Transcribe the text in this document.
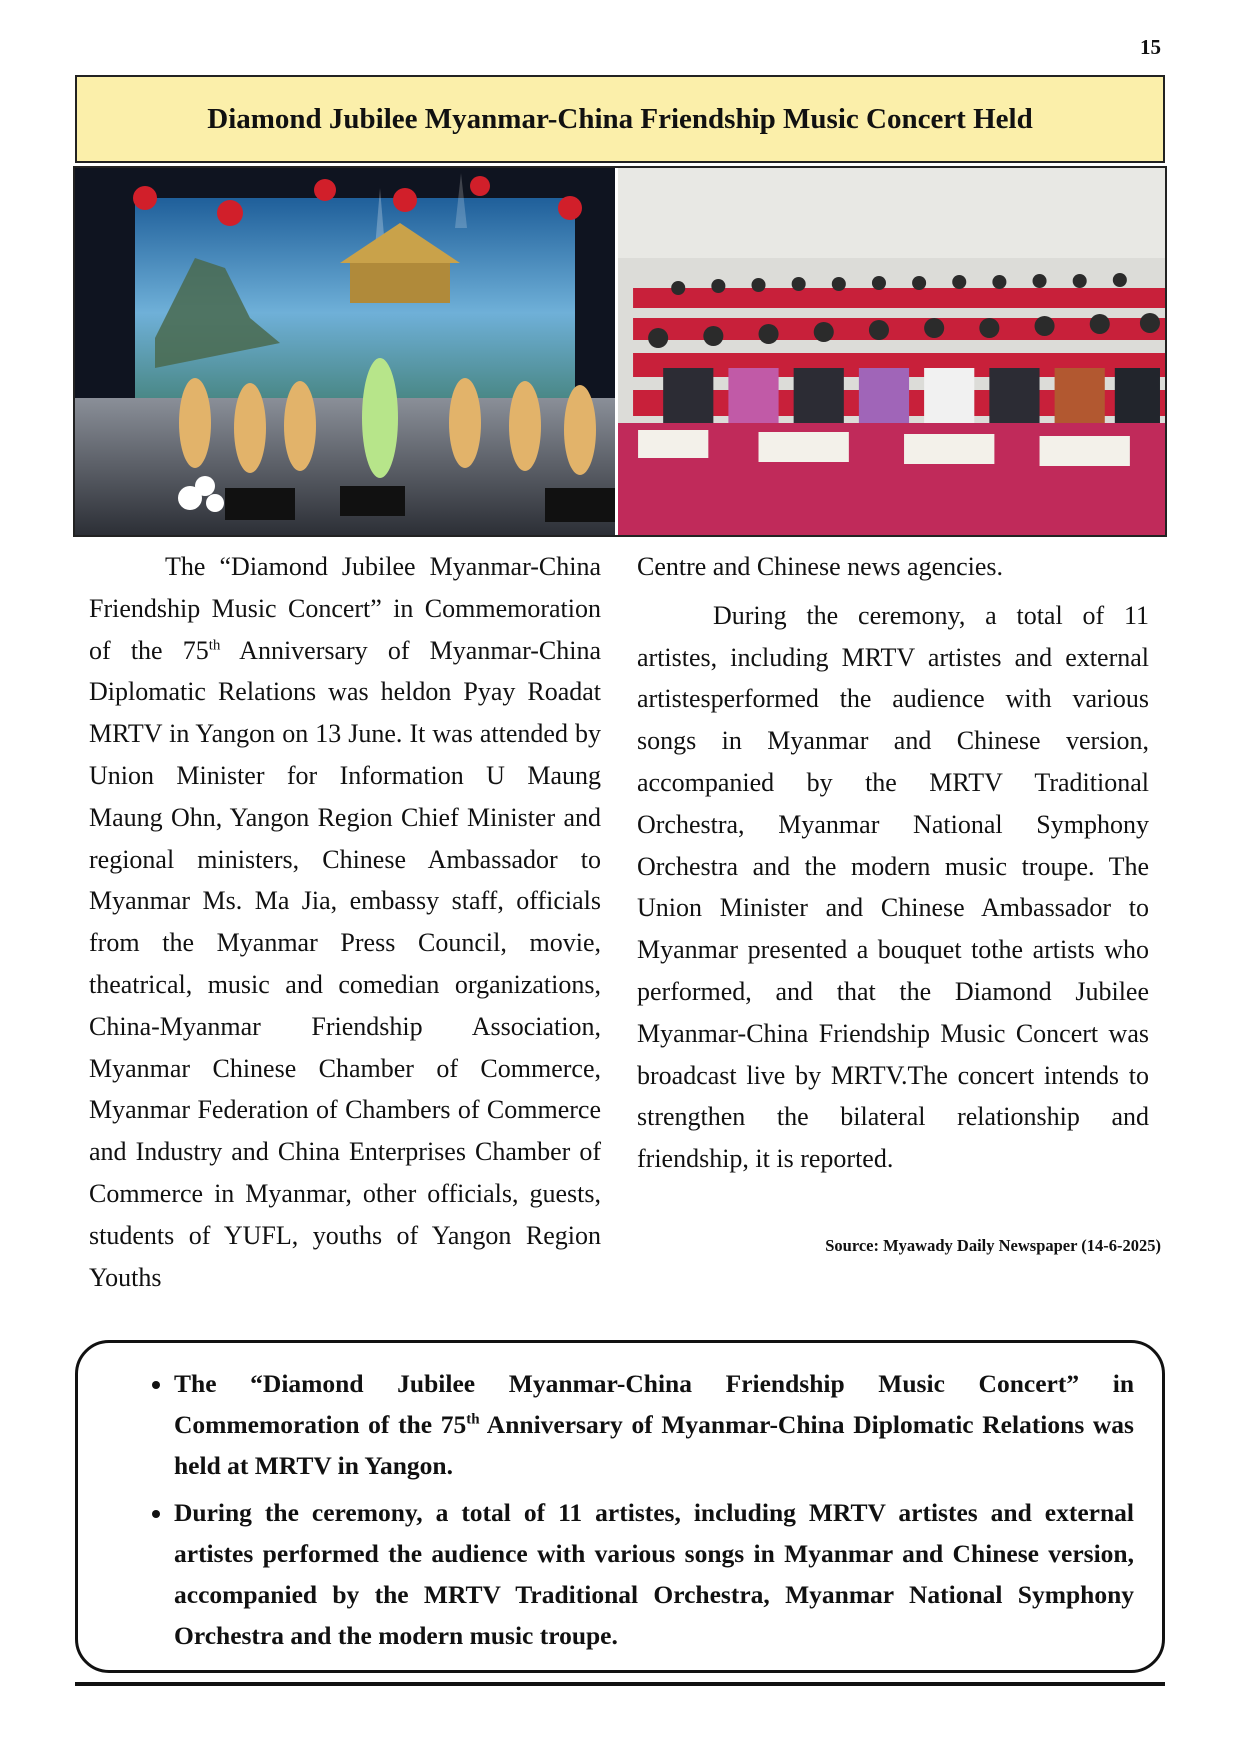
15
Diamond Jubilee Myanmar-China Friendship Music Concert Held

The “Diamond Jubilee Myanmar-China Friendship Music Concert” in Commemoration of the 75th Anniversary of Myanmar-China Diplomatic Relations was heldon Pyay Roadat MRTV in Yangon on 13 June. It was attended by Union Minister for Information U Maung Maung Ohn, Yangon Region Chief Minister and regional ministers, Chinese Ambassador to Myanmar Ms. Ma Jia, embassy staff, officials from the Myanmar Press Council, movie, theatrical, music and comedian organizations, China-Myanmar Friendship Association, Myanmar Chinese Chamber of Commerce, Myanmar Federation of Chambers of Commerce and Industry and China Enterprises Chamber of Commerce in Myanmar, other officials, guests, students of YUFL, youths of Yangon Region Youths

Centre and Chinese news agencies.

During the ceremony, a total of 11 artistes, including MRTV artistes and external artistesperformed the audience with various songs in Myanmar and Chinese version, accompanied by the MRTV Traditional Orchestra, Myanmar National Symphony Orchestra and the modern music troupe. The Union Minister and Chinese Ambassador to Myanmar presented a bouquet tothe artists who performed, and that the Diamond Jubilee Myanmar-China Friendship Music Concert was broadcast live by MRTV.The concert intends to strengthen the bilateral relationship and friendship, it is reported.

Source: Myawady Daily Newspaper (14-6-2025)
• The “Diamond Jubilee Myanmar-China Friendship Music Concert” in Commemoration of the 75th Anniversary of Myanmar-China Diplomatic Relations was held at MRTV in Yangon.
• During the ceremony, a total of 11 artistes, including MRTV artistes and external artistes performed the audience with various songs in Myanmar and Chinese version, accompanied by the MRTV Traditional Orchestra, Myanmar National Symphony Orchestra and the modern music troupe.
